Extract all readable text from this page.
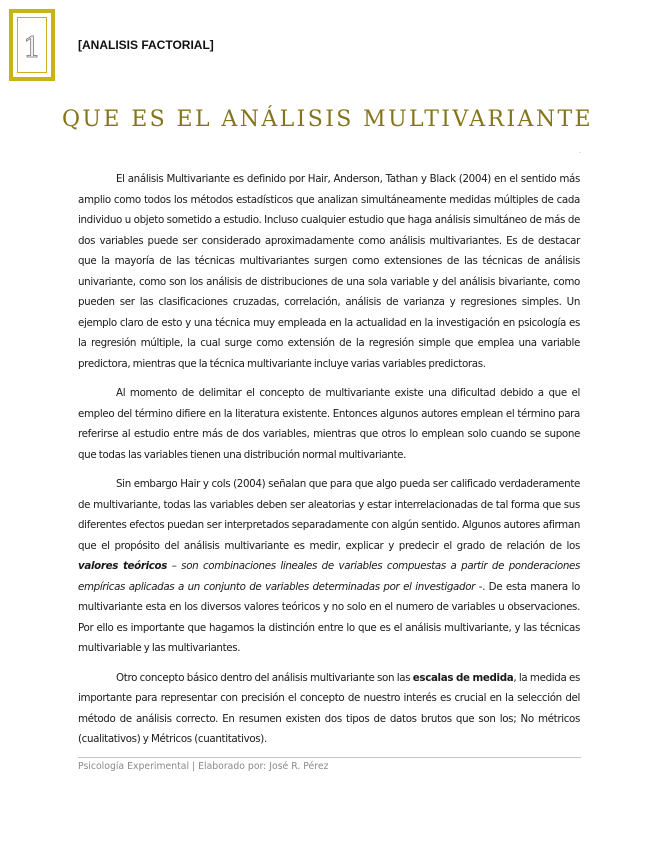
1	[ANALISIS FACTORIAL]
QUE ES EL ANÁLISIS MULTIVARIANTE
·

El análisis Multivariante es definido por Hair, Anderson, Tathan y Black (2004) en el sentido más amplio como todos los métodos estadísticos que analizan simultáneamente medidas múltiples de cada individuo u objeto sometido a estudio. Incluso cualquier estudio que haga análisis simultáneo de más de dos variables puede ser considerado aproximadamente como análisis multivariantes. Es de destacar que la mayoría de las técnicas multivariantes surgen como extensiones de las técnicas de análisis univariante, como son los análisis de distribuciones de una sola variable y del análisis bivariante, como pueden ser las clasificaciones cruzadas, correlación, análisis de varianza y regresiones simples. Un ejemplo claro de esto y una técnica muy empleada en la actualidad en la investigación en psicología es la regresión múltiple, la cual surge como extensión de la regresión simple que emplea una variable predictora, mientras que la técnica multivariante incluye varias variables predictoras.

Al momento de delimitar el concepto de multivariante existe una dificultad debido a que el empleo del término difiere en la literatura existente. Entonces algunos autores emplean el término para referirse al estudio entre más de dos variables, mientras que otros lo emplean solo cuando se supone que todas las variables tienen una distribución normal multivariante.

Sin embargo Hair y cols (2004) señalan que para que algo pueda ser calificado verdaderamente de multivariante, todas las variables deben ser aleatorias y estar interrelacionadas de tal forma que sus diferentes efectos puedan ser interpretados separadamente con algún sentido. Algunos autores afirman que el propósito del análisis multivariante es medir, explicar y predecir el grado de relación de los valores teóricos – son combinaciones lineales de variables compuestas a partir de ponderaciones empíricas aplicadas a un conjunto de variables determinadas por el investigador -. De esta manera lo multivariante esta en los diversos valores teóricos y no solo en el numero de variables u observaciones. Por ello es importante que hagamos la distinción entre lo que es el análisis multivariante, y las técnicas multivariable y las multivariantes.

Otro concepto básico dentro del análisis multivariante son las escalas de medida, la medida es importante para representar con precisión el concepto de nuestro interés es crucial en la selección del método de análisis correcto. En resumen existen dos tipos de datos brutos que son los; No métricos (cualitativos) y Métricos (cuantitativos).

Psicología Experimental | Elaborado por: José R. Pérez
